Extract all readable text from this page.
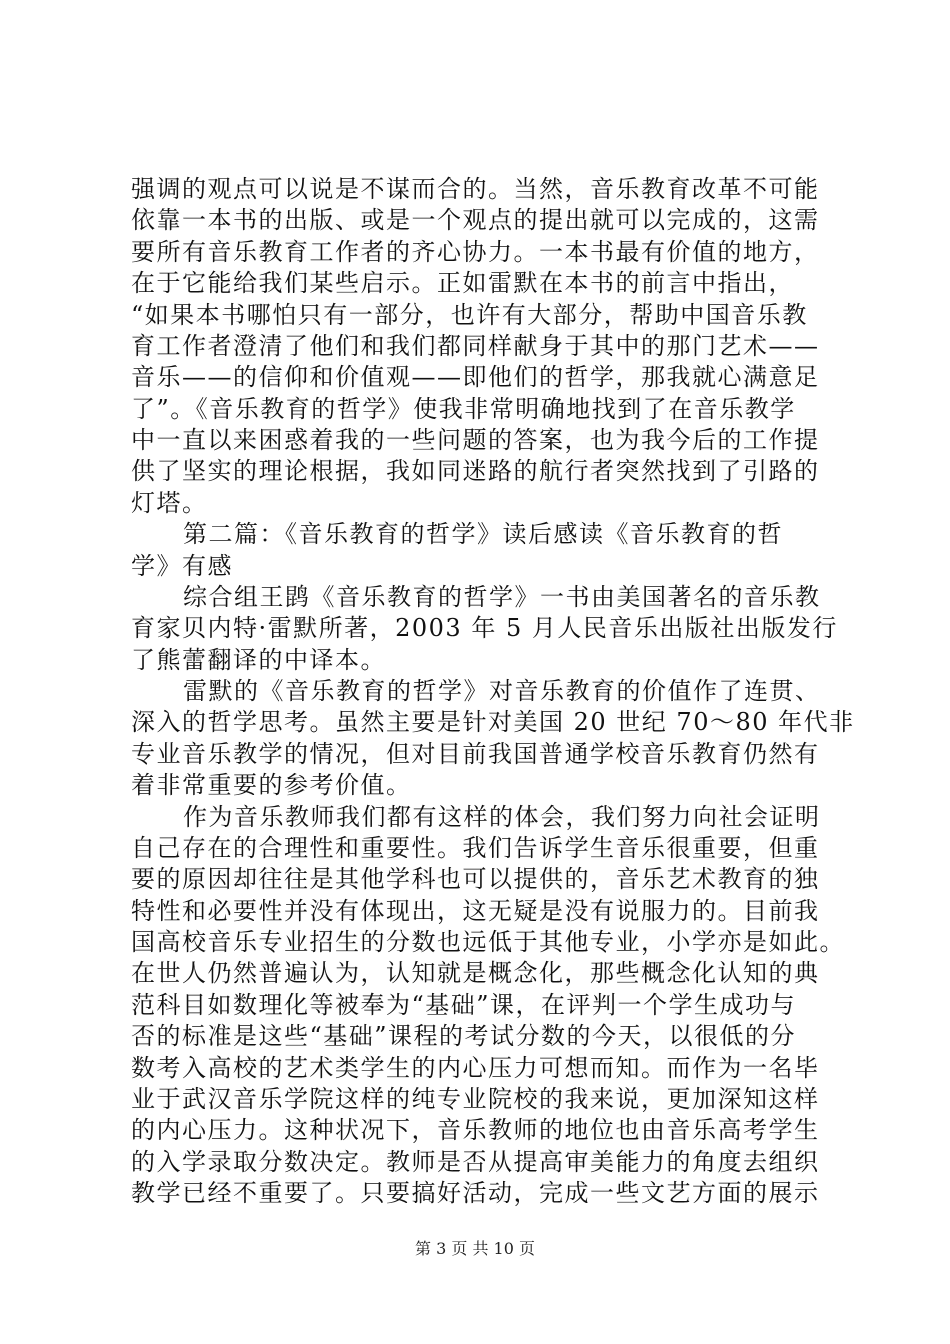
强调的观点可以说是不谋而合的。当然，音乐教育改革不可能
依靠一本书的出版、或是一个观点的提出就可以完成的，这需
要所有音乐教育工作者的齐心协力。一本书最有价值的地方，
在于它能给我们某些启示。正如雷默在本书的前言中指出，
“如果本书哪怕只有一部分，也许有大部分，帮助中国音乐教
育工作者澄清了他们和我们都同样献身于其中的那门艺术——
音乐——的信仰和价值观——即他们的哲学，那我就心满意足
了”。《音乐教育的哲学》使我非常明确地找到了在音乐教学
中一直以来困惑着我的一些问题的答案，也为我今后的工作提
供了坚实的理论根据，我如同迷路的航行者突然找到了引路的
灯塔。
第二篇：《音乐教育的哲学》读后感读《音乐教育的哲
学》有感
综合组王鹍《音乐教育的哲学》一书由美国著名的音乐教
育家贝内特·雷默所著，2003 年 5 月人民音乐出版社出版发行
了熊蕾翻译的中译本。
雷默的《音乐教育的哲学》对音乐教育的价值作了连贯、
深入的哲学思考。虽然主要是针对美国 20 世纪 70～80 年代非
专业音乐教学的情况，但对目前我国普通学校音乐教育仍然有
着非常重要的参考价值。
作为音乐教师我们都有这样的体会，我们努力向社会证明
自己存在的合理性和重要性。我们告诉学生音乐很重要，但重
要的原因却往往是其他学科也可以提供的，音乐艺术教育的独
特性和必要性并没有体现出，这无疑是没有说服力的。目前我
国高校音乐专业招生的分数也远低于其他专业，小学亦是如此。
在世人仍然普遍认为，认知就是概念化，那些概念化认知的典
范科目如数理化等被奉为“基础”课，在评判一个学生成功与
否的标准是这些“基础”课程的考试分数的今天，以很低的分
数考入高校的艺术类学生的内心压力可想而知。而作为一名毕
业于武汉音乐学院这样的纯专业院校的我来说，更加深知这样
的内心压力。这种状况下，音乐教师的地位也由音乐高考学生
的入学录取分数决定。教师是否从提高审美能力的角度去组织
教学已经不重要了。只要搞好活动，完成一些文艺方面的展示
第 3 页 共 10 页
